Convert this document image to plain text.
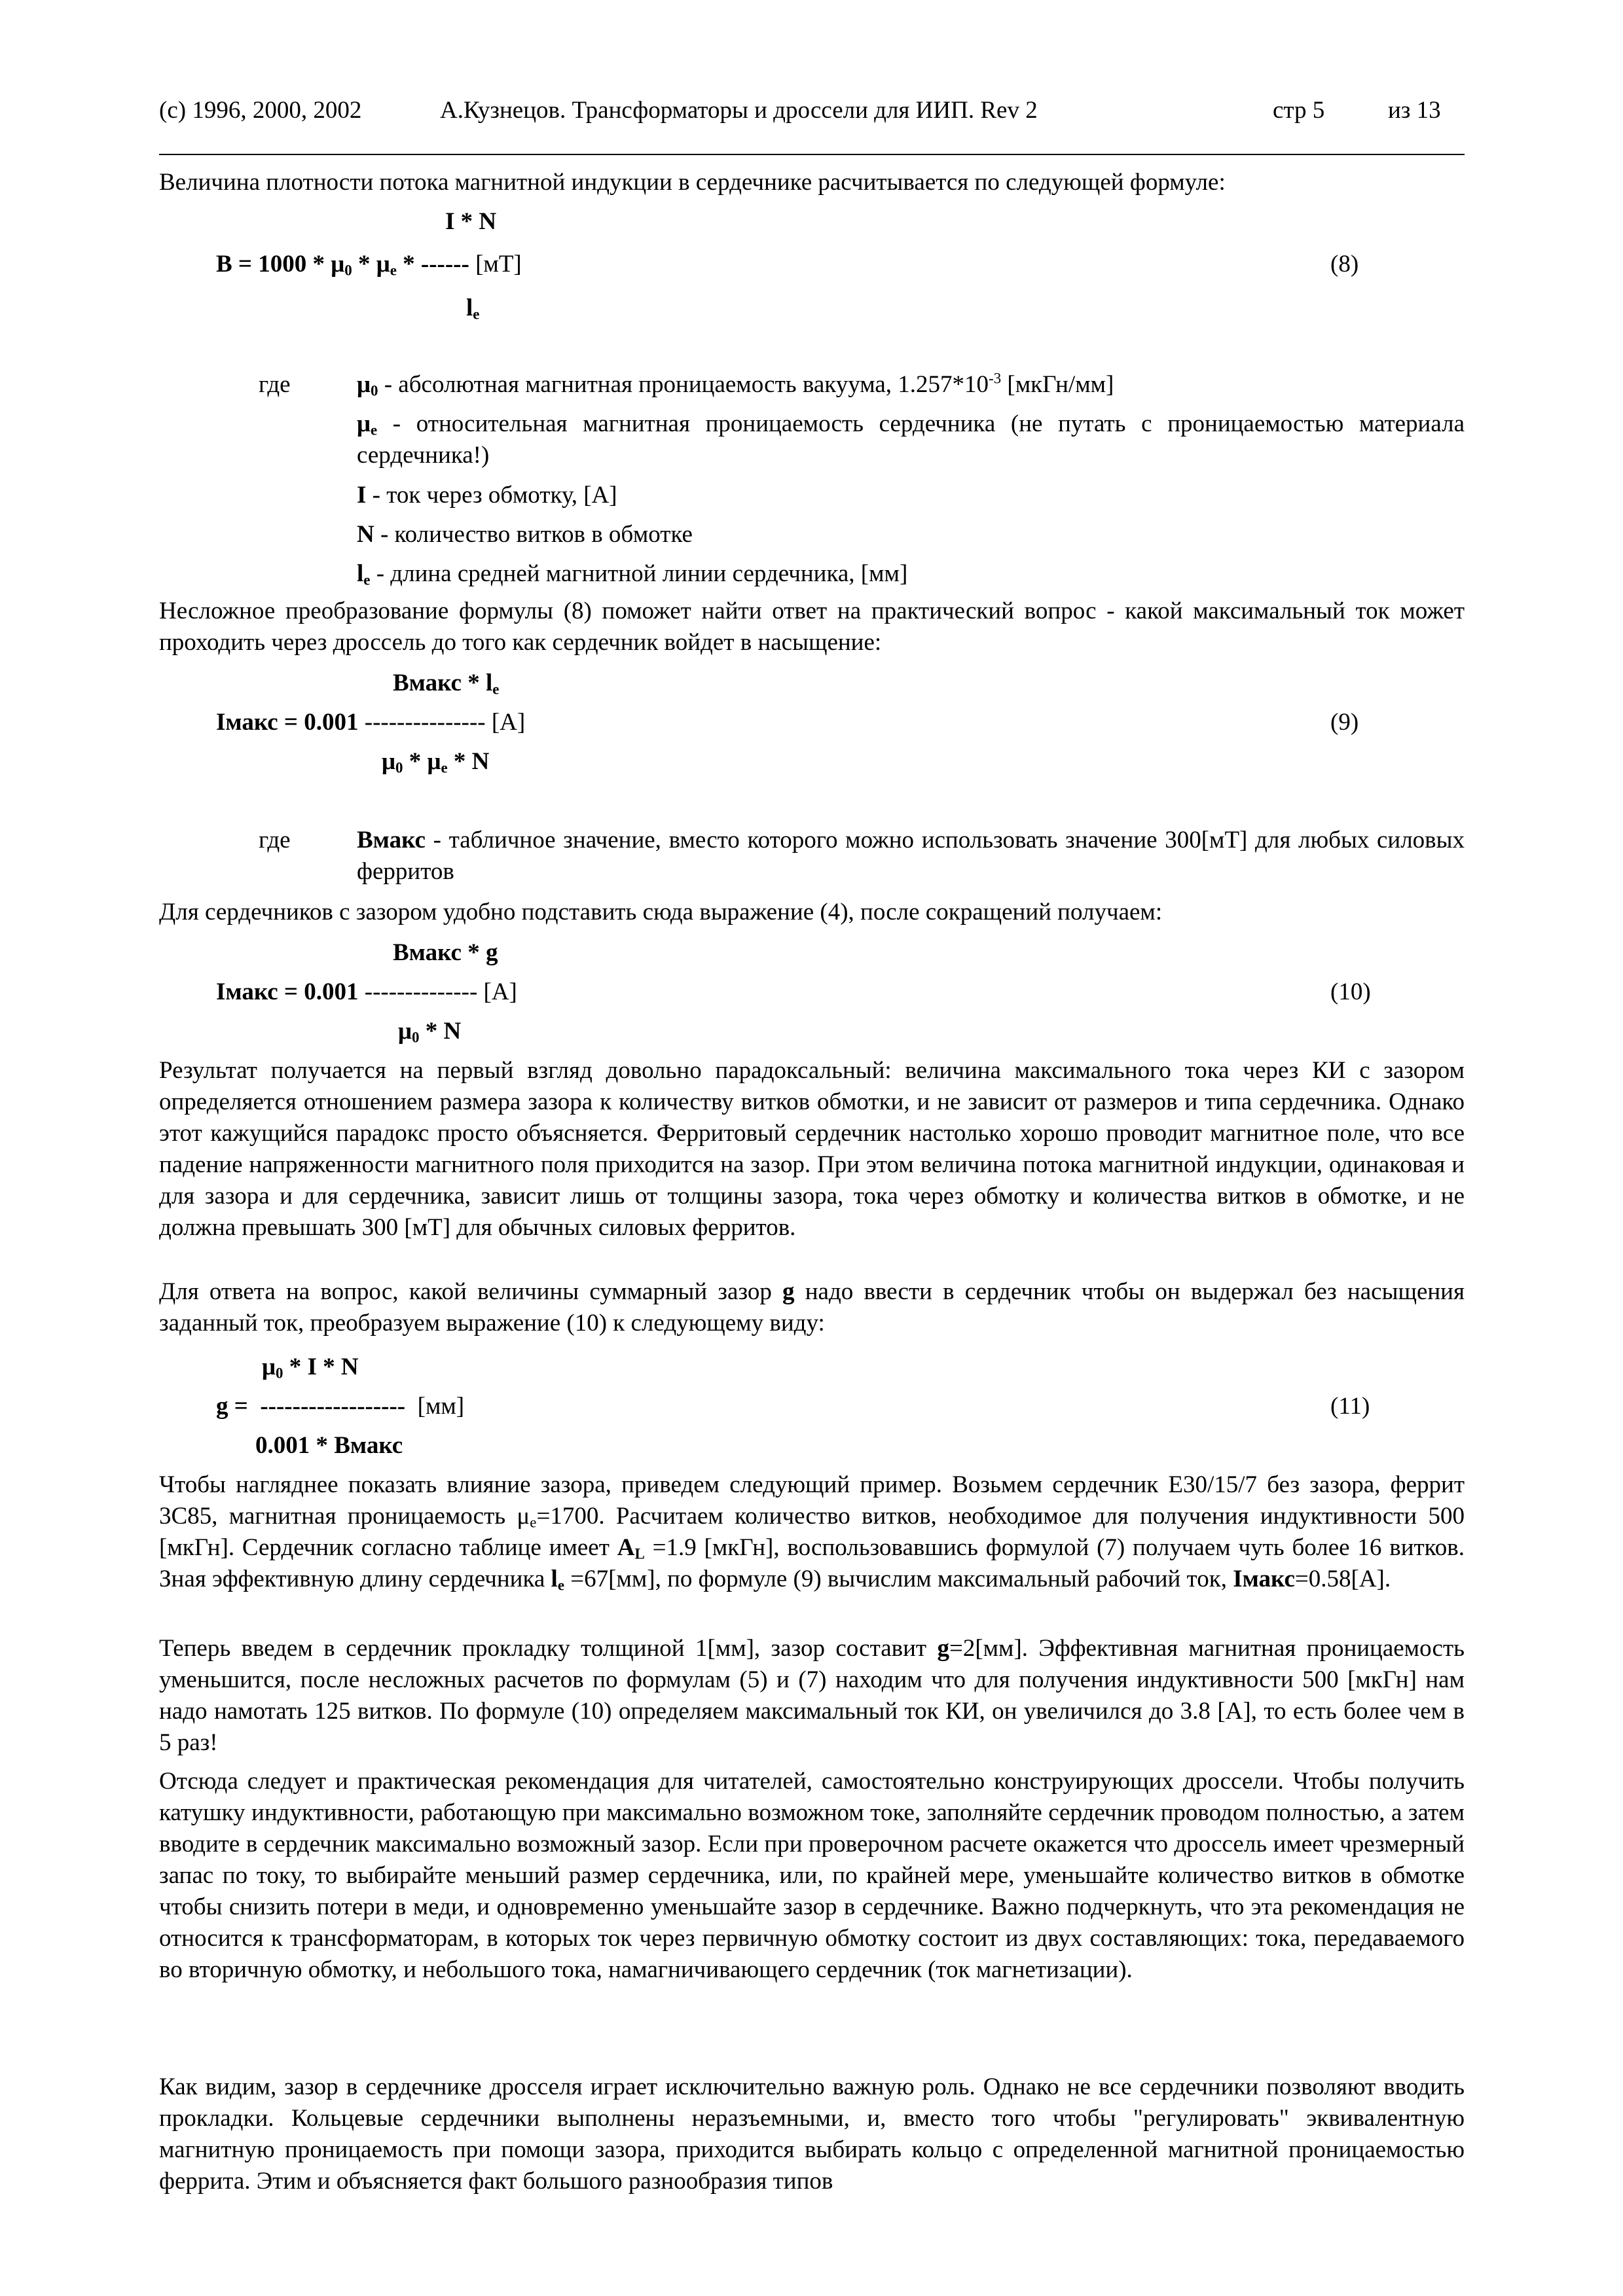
(c) 1996, 2000, 2002	А.Кузнецов. Трансформаторы и дроссели для ИИП. Rev 2	стр 5	из 13
Величина плотности потока магнитной индукции в сердечнике расчитывается по следующей формуле:
I * N
$B = 1000 * \mu_0 * \mu_e$ * ------ [мТ]
$l_e$
(8)
где	$\mu_0$ - абсолютная магнитная проницаемость вакуума, $1.257*10^{-3}$ [мкГн/мм]
$\mu_e$ - относительная магнитная проницаемость сердечника (не путать с проницаемостью материала сердечника!)
I - ток через обмотку, [А]
N - количество витков в обмотке
$l_e$ - длина средней магнитной линии сердечника, [мм]
Несложное преобразование формулы (8) поможет найти ответ на практический вопрос - какой максимальный ток может проходить через дроссель до того как сердечник войдет в насыщение:
Bмакс * $l_e$
Iмакс = 0.001 --------------- [А]
$\mu_0 * \mu_e$ * N
(9)
где	Bмакс - табличное значение, вместо которого можно использовать значение 300[мТ] для любых силовых ферритов
Для сердечников с зазором удобно подставить сюда выражение (4), после сокращений получаем:
Bмакс * g
Iмакс = 0.001 -------------- [А]
$\mu_0$ * N
(10)
Результат получается на первый взгляд довольно парадоксальный: величина максимального тока через КИ с зазором определяется отношением размера зазора к количеству витков обмотки, и не зависит от размеров и типа сердечника. Однако этот кажущийся парадокс просто объясняется. Ферритовый сердечник настолько хорошо проводит магнитное поле, что все падение напряженности магнитного поля приходится на зазор. При этом величина потока магнитной индукции, одинаковая и для зазора и для сердечника, зависит лишь от толщины зазора, тока через обмотку и количества витков в обмотке, и не должна превышать 300 [мТ] для обычных силовых ферритов.
Для ответа на вопрос, какой величины суммарный зазор g надо ввести в сердечник чтобы он выдержал без насыщения заданный ток, преобразуем выражение (10) к следующему виду:
$\mu_0$ * I * N
g =  ------------------  [мм]
0.001 * Bмакс
(11)
Чтобы нагляднее показать влияние зазора, приведем следующий пример. Возьмем сердечник E30/15/7 без зазора, феррит 3С85, магнитная проницаемость $\mu_e=1700$. Расчитаем количество витков, необходимое для получения индуктивности 500 [мкГн]. Сердечник согласно таблице имеет $A_L =1.9$ [мкГн], воспользовавшись формулой (7) получаем чуть более 16 витков. Зная эффективную длину сердечника $l_e =67[мм]$, по формуле (9) вычислим максимальный рабочий ток, Iмакс=0.58[А].
Теперь введем в сердечник прокладку толщиной 1[мм], зазор составит g=2[мм]. Эффективная магнитная проницаемость уменьшится, после несложных расчетов по формулам (5) и (7) находим что для получения индуктивности 500 [мкГн] нам надо намотать 125 витков. По формуле (10) определяем максимальный ток КИ, он увеличился до 3.8 [А], то есть более чем в 5 раз!
Отсюда следует и практическая рекомендация для читателей, самостоятельно конструирующих дроссели. Чтобы получить катушку индуктивности, работающую при максимально возможном токе, заполняйте сердечник проводом полностью, а затем вводите в сердечник максимально возможный зазор. Если при проверочном расчете окажется что дроссель имеет чрезмерный запас по току, то выбирайте меньший размер сердечника, или, по крайней мере, уменьшайте количество витков в обмотке чтобы снизить потери в меди, и одновременно уменьшайте зазор в сердечнике. Важно подчеркнуть, что эта рекомендация не относится к трансформаторам, в которых ток через первичную обмотку состоит из двух составляющих: тока, передаваемого во вторичную обмотку, и небольшого тока, намагничивающего сердечник (ток магнетизации).
Как видим, зазор в сердечнике дросселя играет исключительно важную роль. Однако не все сердечники позволяют вводить прокладки. Кольцевые сердечники выполнены неразъемными, и, вместо того чтобы "регулировать" эквивалентную магнитную проницаемость при помощи зазора, приходится выбирать кольцо с определенной магнитной проницаемостью феррита. Этим и объясняется факт большого разнообразия типов
